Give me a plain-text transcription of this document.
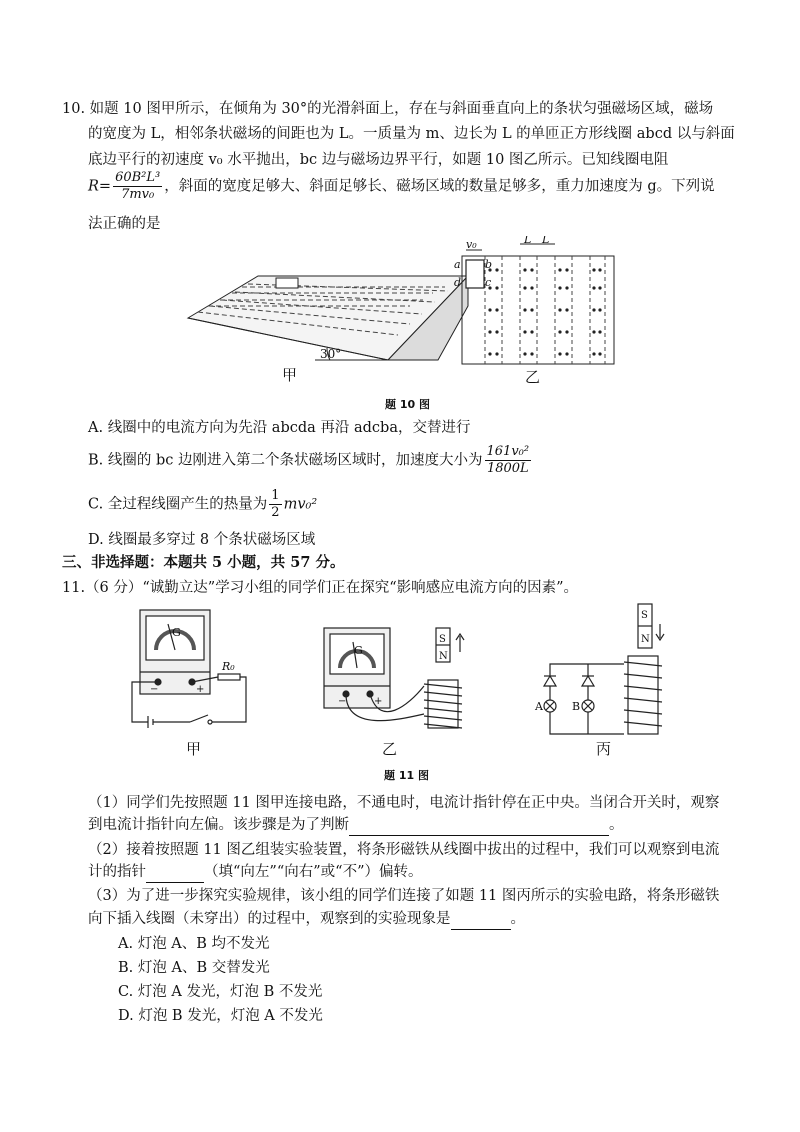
10. 如题 10 图甲所示，在倾角为 30°的光滑斜面上，存在与斜面垂直向上的条状匀强磁场区域，磁场
的宽度为 L，相邻条状磁场的间距也为 L。一质量为 m、边长为 L 的单匝正方形线圈 abcd 以与斜面
底边平行的初速度 v₀ 水平抛出，bc 边与磁场边界平行，如题 10 图乙所示。已知线圈电阻
$R= \frac{\text{60B²L³}}{\text{7mv₀}}$ ，斜面的宽度足够大、斜面足够长、磁场区域的数量足够多，重力加速度为 g。下列说
法正确的是
30°
v₀	L L
a b
c
d
甲	乙
题 10 图
A. 线圈中的电流方向为先沿 abcda 再沿 adcba，交替进行
B. 线圈的 bc 边刚进入第二个条状磁场区域时，加速度大小为 $\frac{\text{161v₀²}}{1800L}$
C. 全过程线圈产生的热量为 $\frac{1}{2} mv_0^2$
D. 线圈最多穿过 8 个条状磁场区域
三、非选择题：本题共 5 小题，共 57 分。
11.（6 分）“诚勤立达”学习小组的同学们正在探究“影响感应电流方向的因素”。
G
R₀
−	+
G
S
N
−	+
S
N
A	B
甲	乙	丙
题 11 图
（1）同学们先按照题 11 图甲连接电路，不通电时，电流计指针停在正中央。当闭合开关时，观察
到电流计指针向左偏。该步骤是为了判断	。
（2）接着按照题 11 图乙组装实验装置，将条形磁铁从线圈中拔出的过程中，我们可以观察到电流
计的指针	（填“向左”“向右”或“不”）偏转。
（3）为了进一步探究实验规律，该小组的同学们连接了如题 11 图丙所示的实验电路，将条形磁铁
向下插入线圈（未穿出）的过程中，观察到的实验现象是	。
A. 灯泡 A、B 均不发光
B. 灯泡 A、B 交替发光
C. 灯泡 A 发光，灯泡 B 不发光
D. 灯泡 B 发光，灯泡 A 不发光
